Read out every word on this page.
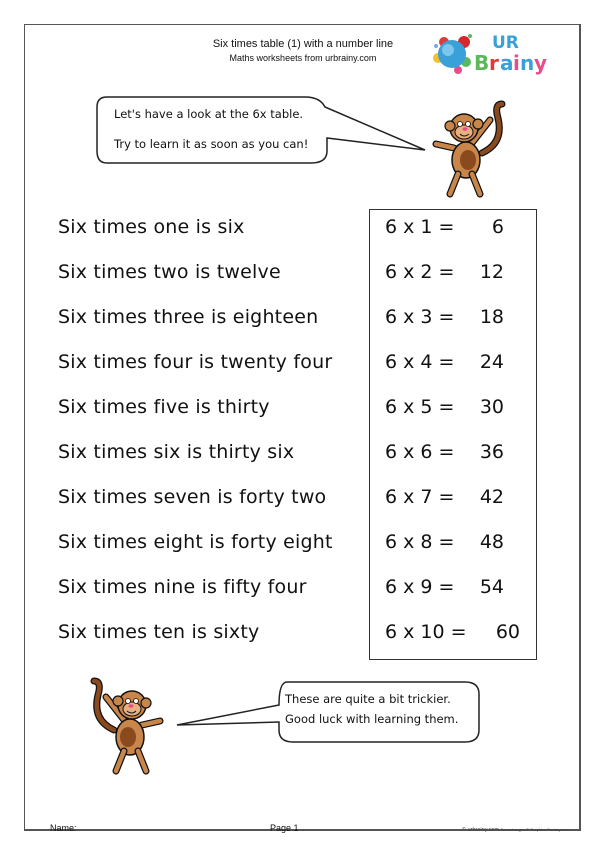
Six times table (1) with a number line
Maths worksheets from urbrainy.com
UR
B r a i n y
Let's have a look at the 6x table.
Try to learn it as soon as you can!
Six times one is six
Six times two is twelve
Six times three is eighteen
Six times four is twenty four
Six times five is thirty
Six times six is thirty six
Six times seven is forty two
Six times eight is forty eight
Six times nine is fifty four
Six times ten is sixty
6 x 1 =	6
6 x 2 =	12
6 x 3 =	18
6 x 4 =	24
6 x 5 =	30
6 x 6 =	36
6 x 7 =	42
6 x 8 =	48
6 x 9 =	54
6 x 10 =	60
These are quite a bit trickier.
Good luck with learning them.
Name:	Page 1	© urbrainy.com Some images © Graphics Factory.com
